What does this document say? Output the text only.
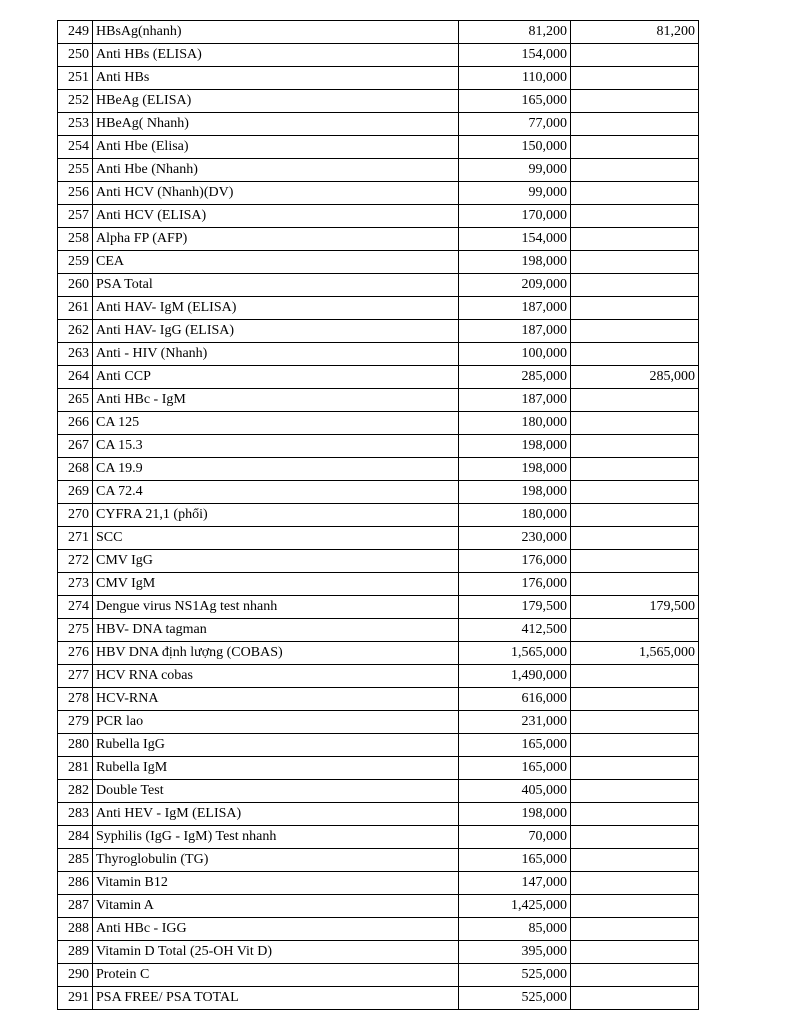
249	HBsAg(nhanh)	81,200	81,200
250	Anti HBs (ELISA)	154,000	
251	Anti HBs	110,000	
252	HBeAg (ELISA)	165,000	
253	HBeAg( Nhanh)	77,000	
254	Anti Hbe (Elisa)	150,000	
255	Anti Hbe (Nhanh)	99,000	
256	Anti HCV (Nhanh)(DV)	99,000	
257	Anti HCV (ELISA)	170,000	
258	Alpha FP (AFP)	154,000	
259	CEA	198,000	
260	PSA Total	209,000	
261	Anti HAV- IgM (ELISA)	187,000	
262	Anti HAV- IgG (ELISA)	187,000	
263	Anti - HIV (Nhanh)	100,000	
264	Anti CCP	285,000	285,000
265	Anti HBc - IgM	187,000	
266	CA 125	180,000	
267	CA 15.3	198,000	
268	CA 19.9	198,000	
269	CA 72.4	198,000	
270	CYFRA 21,1 (phổi)	180,000	
271	SCC	230,000	
272	CMV IgG	176,000	
273	CMV IgM	176,000	
274	Dengue virus NS1Ag test nhanh	179,500	179,500
275	HBV- DNA tagman	412,500	
276	HBV DNA định lượng (COBAS)	1,565,000	1,565,000
277	HCV RNA cobas	1,490,000	
278	HCV-RNA	616,000	
279	PCR lao	231,000	
280	Rubella IgG	165,000	
281	Rubella IgM	165,000	
282	Double Test	405,000	
283	Anti HEV - IgM (ELISA)	198,000	
284	Syphilis (IgG - IgM) Test nhanh	70,000	
285	Thyroglobulin (TG)	165,000	
286	Vitamin B12	147,000	
287	Vitamin A	1,425,000	
288	Anti HBc - IGG	85,000	
289	Vitamin D Total (25-OH Vit D)	395,000	
290	Protein C	525,000	
291	PSA FREE/ PSA TOTAL	525,000	
